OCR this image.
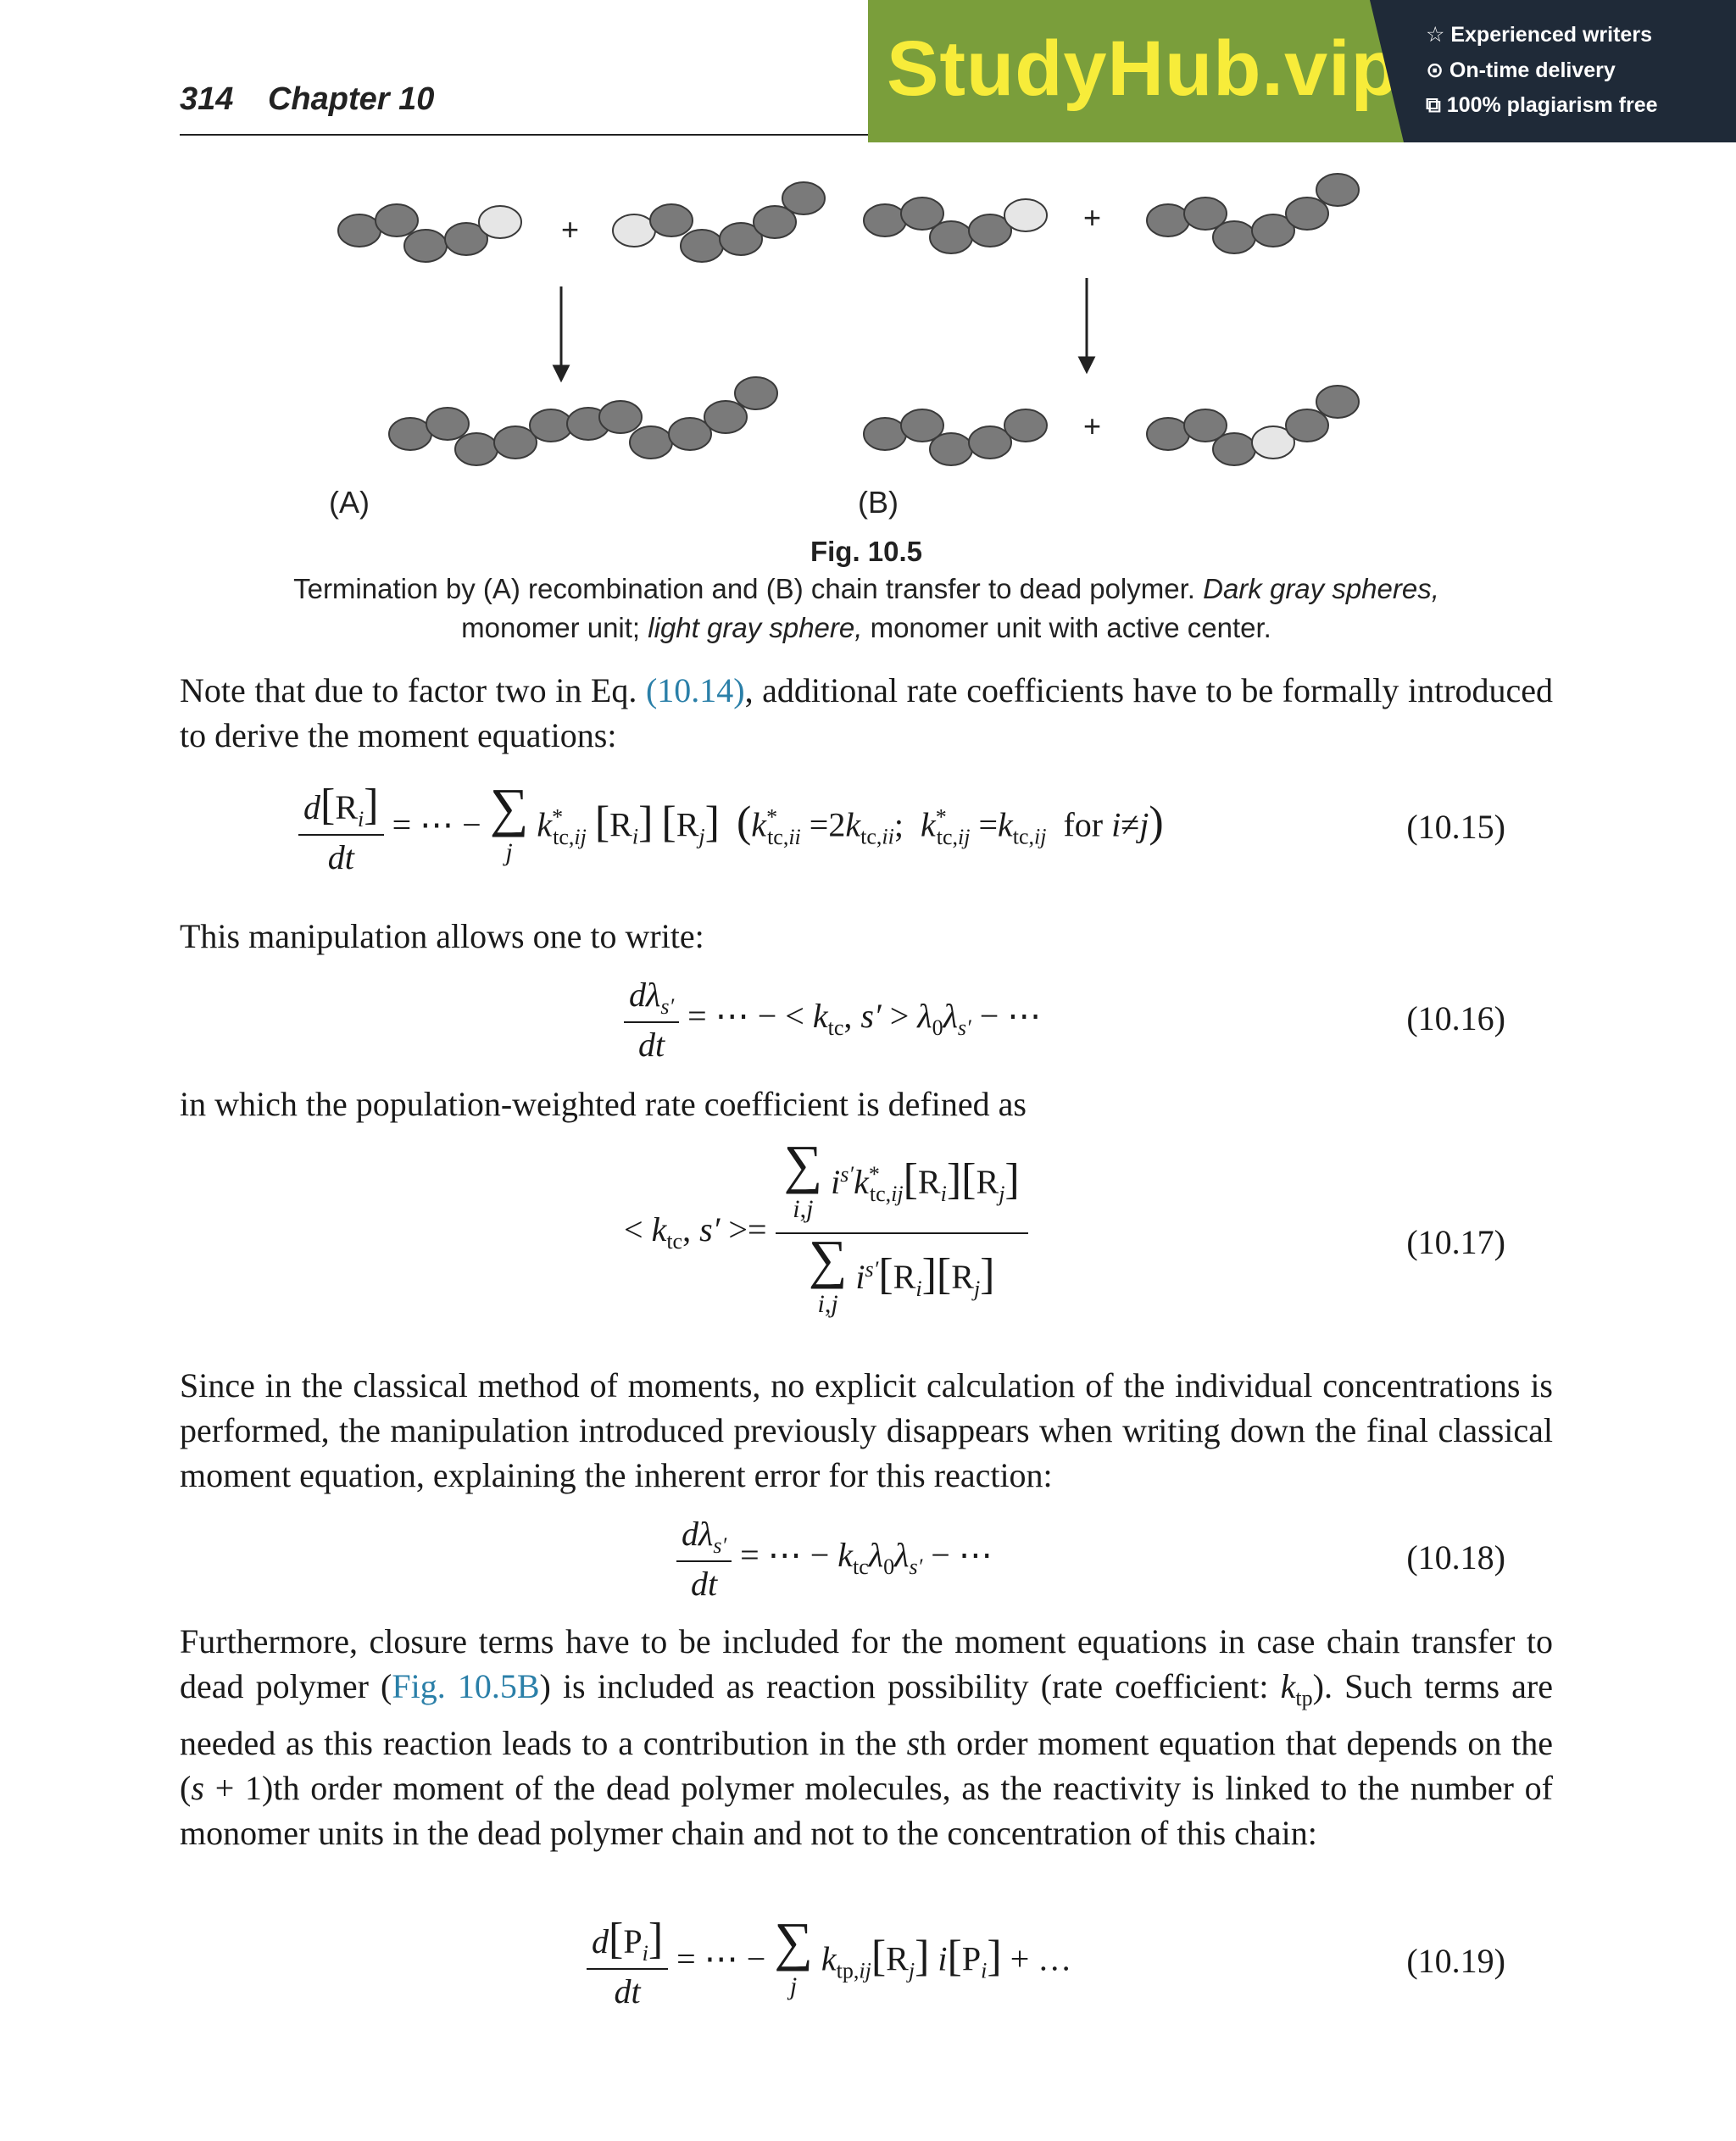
314 Chapter 10	StudyHub.vip ☆ Experienced writers
⊙ On-time delivery
⧉ 100% plagiarism free
+	+
+
(A)	(B)
Fig. 10.5
Termination by (A) recombination and (B) chain transfer to dead polymer. Dark gray spheres,
monomer unit; light gray sphere, monomer unit with active center.
Note that due to factor two in Eq. (10.14), additional rate coefficients have to be formally introduced to derive the moment equations:
$\frac{d[R_i]}{dt}$ = ⋯ − ∑
j $k^*_{tc,ij}$ $[R_i]$ $[R_j]$ ($k^*_{tc,ii} =2k_{tc,ii}$;  $k^*_{tc,ij} =k_{tc,ij}$  for i≠j)	(10.15)
This manipulation allows one to write:
$\frac{d\lambda_{s'}}{dt}$ = ⋯ − < $k_{tc}$, $s' > \lambda_0\lambda_{s'}$ − ⋯	(10.16)
in which the population-weighted rate coefficient is defined as
< $k_{tc}$, s′ >=
∑
i,j $i^{s'}k^*_{tc,ij}[R_i][R_j]$
∑
i,j $i^{s'}[R_i][R_j]$
(10.17)
Since in the classical method of moments, no explicit calculation of the individual concentrations is performed, the manipulation introduced previously disappears when writing down the final classical moment equation, explaining the inherent error for this reaction:
$\frac{d\lambda_{s'}}{dt}$ = ⋯ − $k_{tc}\lambda_0\lambda_{s'}$ − ⋯	(10.18)
Furthermore, closure terms have to be included for the moment equations in case chain transfer to dead polymer (Fig. 10.5B) is included as reaction possibility (rate coefficient: $k_{tp}$). Such terms are needed as this reaction leads to a contribution in the sth order moment equation that depends on the (s + 1)th order moment of the dead polymer molecules, as the reactivity is linked to the number of monomer units in the dead polymer chain and not to the concentration of this chain:
$\frac{d[P_i]}{dt}$ = ⋯ − ∑
j $k_{tp,ij}[R_j] i[P_i]$ + …	(10.19)
